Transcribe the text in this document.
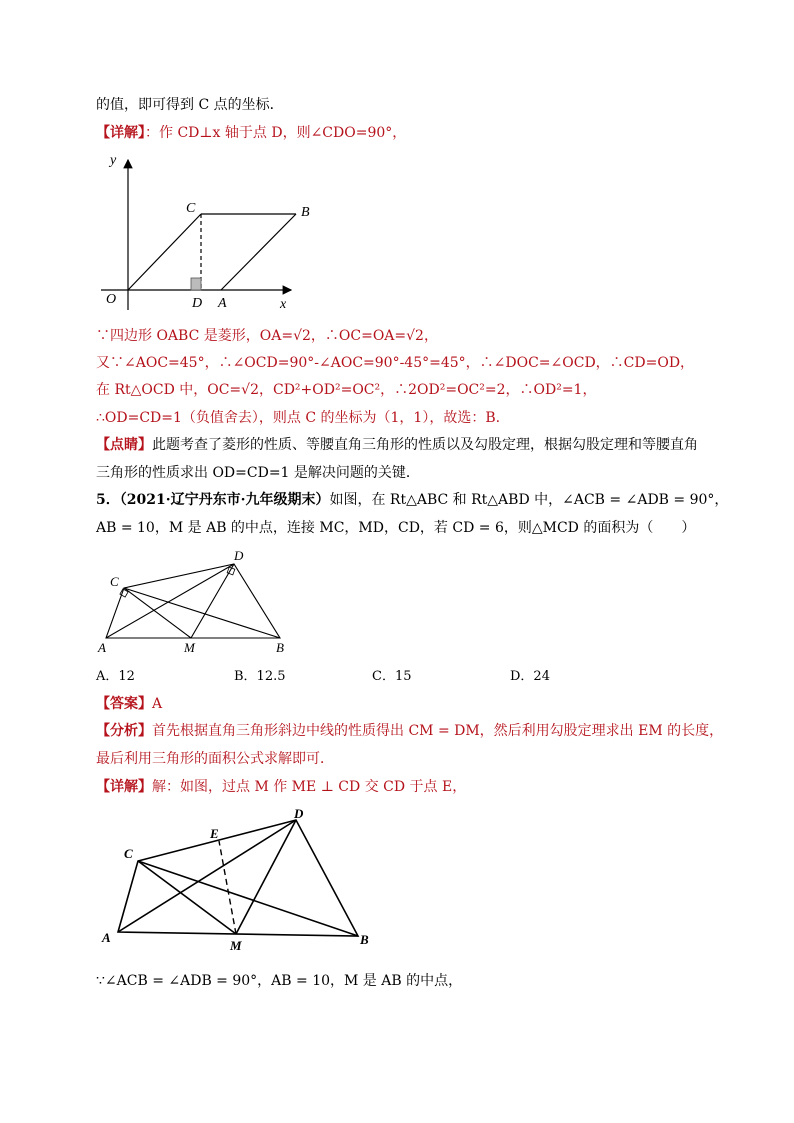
的值，即可得到 C 点的坐标．
【详解】：作 CD⊥x 轴于点 D，则∠CDO=90°，
y
x
O
C	B
D A
∵四边形 OABC 是菱形，OA=√2，∴OC=OA=√2，
又∵∠AOC=45°，∴∠OCD=90°-∠AOC=90°-45°=45°，∴∠DOC=∠OCD，∴CD=OD，
在 Rt△OCD 中，OC=√2，CD²+OD²=OC²，∴2OD²=OC²=2，∴OD²=1，
∴OD=CD=1（负值舍去），则点 C 的坐标为（1，1），故选：B.
【点睛】此题考查了菱形的性质、等腰直角三角形的性质以及勾股定理，根据勾股定理和等腰直角
三角形的性质求出 OD=CD=1 是解决问题的关键．
5．（2021·辽宁丹东市·九年级期末）如图，在 Rt△ABC 和 Rt△ABD 中，∠ACB = ∠ADB = 90°，
AB = 10，M 是 AB 的中点，连接 MC，MD，CD，若 CD = 6，则△MCD 的面积为（　　）
C
D
A	M	B
A．12	B．12.5	C．15	D．24
【答案】A
【分析】首先根据直角三角形斜边中线的性质得出 CM = DM，然后利用勾股定理求出 EM 的长度，
最后利用三角形的面积公式求解即可．
【详解】解：如图，过点 M 作 ME ⊥ CD 交 CD 于点 E，
E
D
C
A
M	B
∵∠ACB = ∠ADB = 90°，AB = 10，M 是 AB 的中点，
